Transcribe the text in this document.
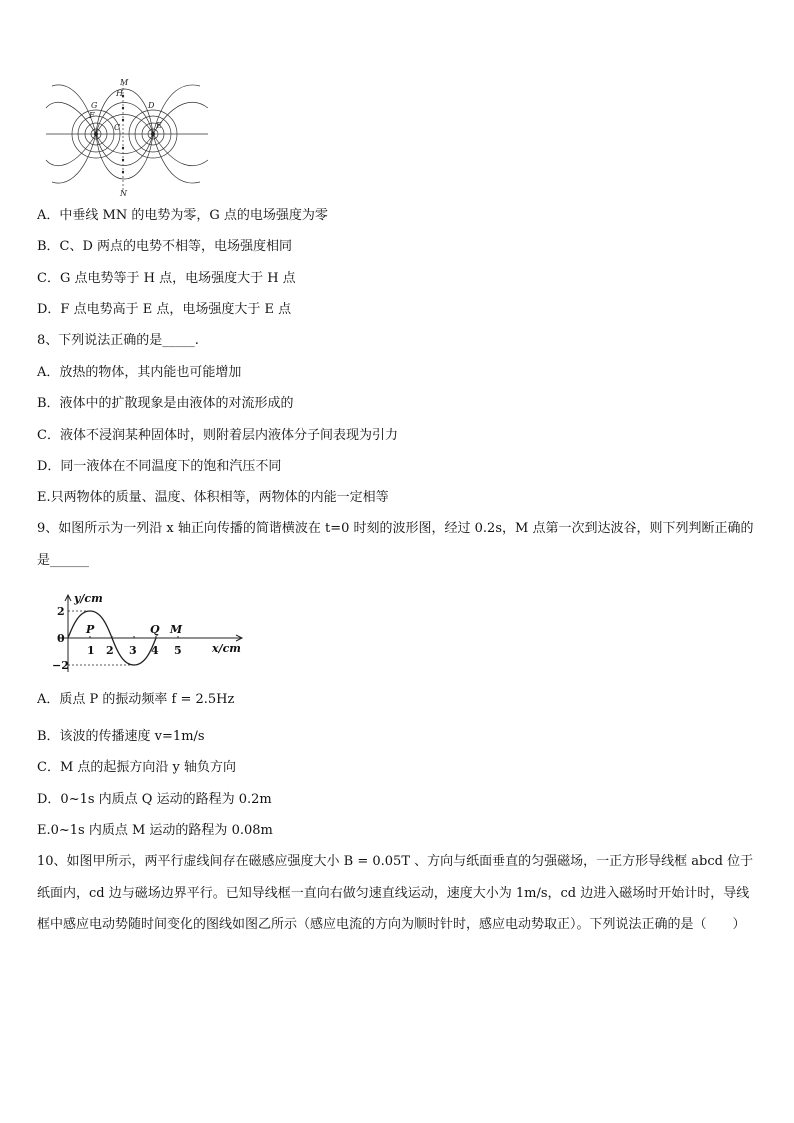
M
N
H
G
F
D
C	E
A．中垂线 MN 的电势为零，G 点的电场强度为零
B．C、D 两点的电势不相等，电场强度相同
C．G 点电势等于 H 点，电场强度大于 H 点
D．F 点电势高于 E 点，电场强度大于 E 点
8、下列说法正确的是_____.
A．放热的物体，其内能也可能增加
B．液体中的扩散现象是由液体的对流形成的
C．液体不浸润某种固体时，则附着层内液体分子间表现为引力
D．同一液体在不同温度下的饱和汽压不同
E.只两物体的质量、温度、体积相等，两物体的内能一定相等
9、如图所示为一列沿 x 轴正向传播的简谐横波在 t=0 时刻的波形图，经过 0.2s，M 点第一次到达波谷，则下列判断正确的是______
y/cm
x/cm
2
0
−2
1 2 3 4 5
P	Q M
A．质点 P 的振动频率 f = 2.5Hz
B．该波的传播速度 v=1m/s
C．M 点的起振方向沿 y 轴负方向
D．0~1s 内质点 Q 运动的路程为 0.2m
E.0~1s 内质点 M 运动的路程为 0.08m
10、如图甲所示，两平行虚线间存在磁感应强度大小 B = 0.05T 、方向与纸面垂直的匀强磁场，一正方形导线框 abcd 位于纸面内，cd 边与磁场边界平行。已知导线框一直向右做匀速直线运动，速度大小为 1m/s，cd 边进入磁场时开始计时，导线框中感应电动势随时间变化的图线如图乙所示（感应电流的方向为顺时针时，感应电动势取正）。下列说法正确的是（　　）
